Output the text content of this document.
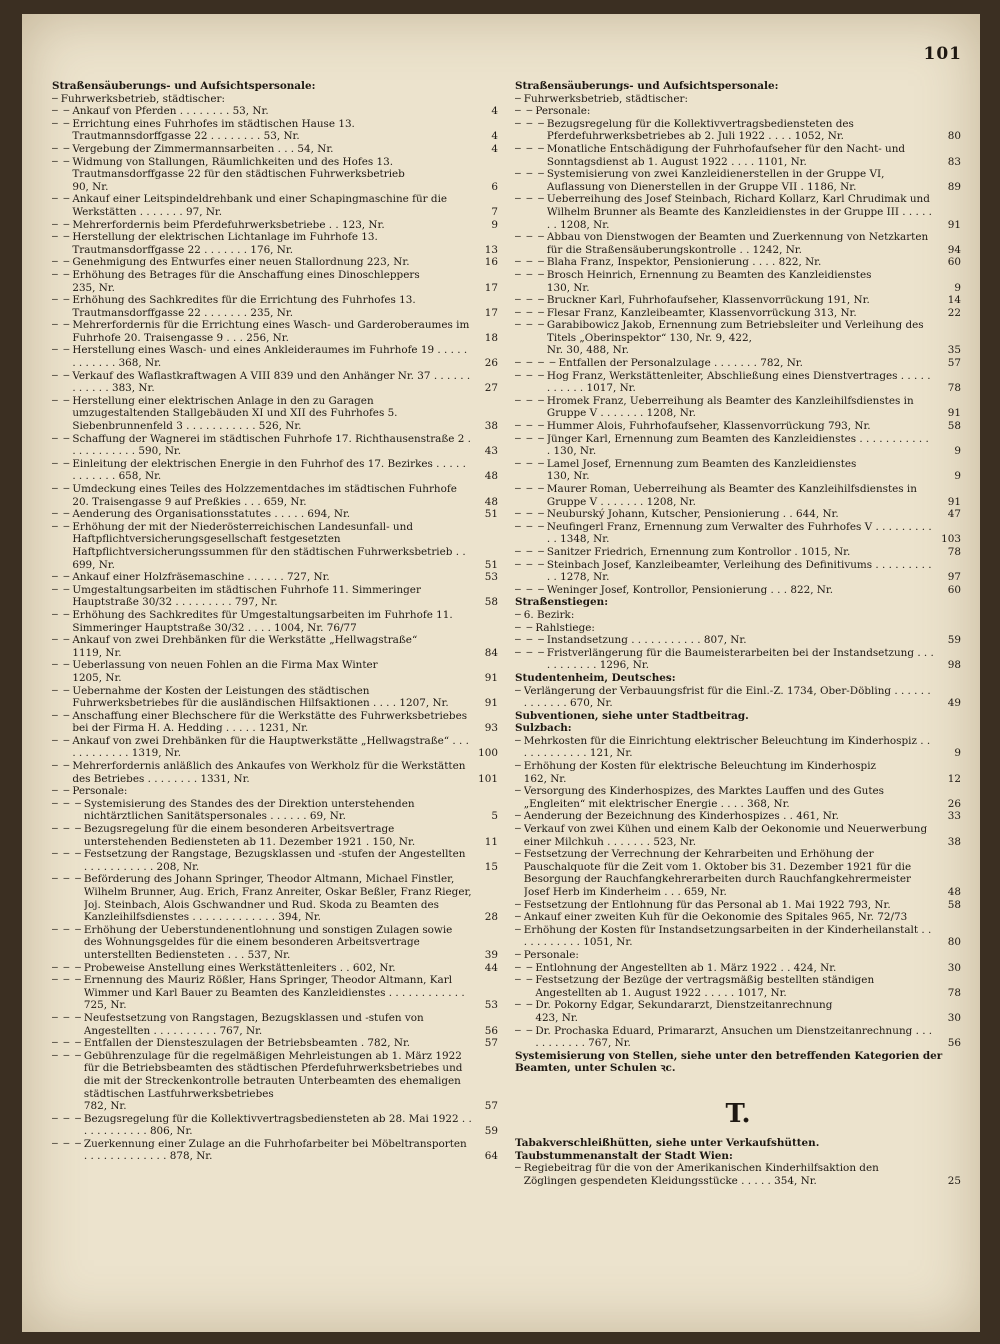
101
Straßensäuberungs- und Aufsichtspersonale:
— Fuhrwerksbetrieb, städtischer:
— — Ankauf von Pferden . . . . . . . . 53, Nr.	4
— — Errichtung eines Fuhrhofes im städtischen Hause 13. Trautmannsdorffgasse 22 . . . . . . . . 53, Nr.	4
— — Vergebung der Zimmermannsarbeiten . . . 54, Nr.	4
— — Widmung von Stallungen, Räumlichkeiten und des Hofes 13. Trautmansdorffgasse 22 für den städtischen Fuhrwerksbetrieb
90, Nr.	6
— — Ankauf einer Leitspindeldrehbank und einer Schapingmaschine für die Werkstätten . . . . . . . 97, Nr.	7
— — Mehrerfordernis beim Pferdefuhrwerksbetriebe . . 123, Nr.	9
— — Herstellung der elektrischen Lichtanlage im Fuhrhofe 13. Trautmansdorffgasse 22 . . . . . . . 176, Nr.	13
— — Genehmigung des Entwurfes einer neuen Stallordnung 223, Nr.	16
— — Erhöhung des Betrages für die Anschaffung eines Dinoschleppers
235, Nr.	17
— — Erhöhung des Sachkredites für die Errichtung des Fuhrhofes 13. Trautmansdorffgasse 22 . . . . . . . 235, Nr.	17
— — Mehrerfordernis für die Errichtung eines Wasch- und Garderoberaumes im Fuhrhofe 20. Traisengasse 9 . . . 256, Nr.	18
— — Herstellung eines Wasch- und eines Ankleideraumes im Fuhrhofe 19 . . . . . . . . . . . . 368, Nr.	26
— — Verkauf des Waflastkraftwagen A VIII 839 und den Anhänger Nr. 37 . . . . . . . . . . . . 383, Nr.	27
— — Herstellung einer elektrischen Anlage in den zu Garagen umzugestaltenden Stallgebäuden XI und XII des Fuhrhofes 5. Siebenbrunnenfeld 3 . . . . . . . . . . . 526, Nr.	38
— — Schaffung der Wagnerei im städtischen Fuhrhofe 17. Richthausenstraße 2 . . . . . . . . . . . 590, Nr.	43
— — Einleitung der elektrischen Energie in den Fuhrhof des 17. Bezirkes . . . . . . . . . . . . 658, Nr.	48
— — Umdeckung eines Teiles des Holzzementdaches im städtischen Fuhrhofe 20. Traisengasse 9 auf Preßkies . . . 659, Nr.	48
— — Aenderung des Organisationsstatutes . . . . . 694, Nr.	51
— — Erhöhung der mit der Niederösterreichischen Landesunfall- und Haftpflichtversicherungsgesellschaft festgesetzten Haftpflichtversicherungssummen für den städtischen Fuhrwerksbetrieb . . 699, Nr.	51
— — Ankauf einer Holzfräsemaschine . . . . . . 727, Nr.	53
— — Umgestaltungsarbeiten im städtischen Fuhrhofe 11. Simmeringer Hauptstraße 30/32 . . . . . . . . . 797, Nr.	58
— — Erhöhung des Sachkredites für Umgestaltungsarbeiten im Fuhrhofe 11. Simmeringer Hauptstraße 30/32 . . . . 1004, Nr. 76/77
— — Ankauf von zwei Drehbänken für die Werkstätte „Hellwagstraße“
1119, Nr.	84
— — Ueberlassung von neuen Fohlen an die Firma Max Winter
1205, Nr.	91
— — Uebernahme der Kosten der Leistungen des städtischen Fuhrwerksbetriebes für die ausländischen Hilfsaktionen . . . . 1207, Nr.	91
— — Anschaffung einer Blechschere für die Werkstätte des Fuhrwerksbetriebes bei der Firma H. A. Hedding . . . . . 1231, Nr.	93
— — Ankauf von zwei Drehbänken für die Hauptwerkstätte „Hellwagstraße“ . . . . . . . . . . . . 1319, Nr.	100
— — Mehrerfordernis anläßlich des Ankaufes von Werkholz für die Werkstätten des Betriebes . . . . . . . . 1331, Nr.	101
— — Personale:
— — — Systemisierung des Standes des der Direktion unterstehenden nichtärztlichen Sanitätspersonales . . . . . . 69, Nr.	5
— — — Bezugsregelung für die einem besonderen Arbeitsvertrage unterstehenden Bediensteten ab 11. Dezember 1921 . 150, Nr.	11
— — — Festsetzung der Rangstage, Bezugsklassen und -stufen der Angestellten . . . . . . . . . . . 208, Nr.	15
— — — Beförderung des Johann Springer, Theodor Altmann, Michael Finstler, Wilhelm Brunner, Aug. Erich, Franz Anreiter, Oskar Beßler, Franz Rieger, Joj. Steinbach, Alois Gschwandner und Rud. Skoda zu Beamten des Kanzleihilfsdienstes . . . . . . . . . . . . . 394, Nr.	28
— — — Erhöhung der Ueberstundenentlohnung und sonstigen Zulagen sowie des Wohnungsgeldes für die einem besonderen Arbeitsvertrage unterstellten Bediensteten . . . 537, Nr.	39
— — — Probeweise Anstellung eines Werkstättenleiters . . 602, Nr.	44
— — — Ernennung des Mauriz Rößler, Hans Springer, Theodor Altmann, Karl Wimmer und Karl Bauer zu Beamten des Kanzleidienstes . . . . . . . . . . . . 725, Nr.	53
— — — Neufestsetzung von Rangstagen, Bezugsklassen und -stufen von Angestellten . . . . . . . . . . 767, Nr.	56
— — — Entfallen der Diensteszulagen der Betriebsbeamten . 782, Nr.	57
— — — Gebührenzulage für die regelmäßigen Mehrleistungen ab 1. März 1922 für die Betriebsbeamten des städtischen Pferdefuhrwerksbetriebes und die mit der Streckenkontrolle betrauten Unterbeamten des ehemaligen städtischen Lastfuhrwerksbetriebes
782, Nr.	57
— — — Bezugsregelung für die Kollektivvertragsbediensteten ab 28. Mai 1922 . . . . . . . . . . . . 806, Nr.	59
— — — Zuerkennung einer Zulage an die Fuhrhofarbeiter bei Möbeltransporten . . . . . . . . . . . . . 878, Nr.	64
Straßensäuberungs- und Aufsichtspersonale:
— Fuhrwerksbetrieb, städtischer:
— — Personale:
— — — Bezugsregelung für die Kollektivvertragsbediensteten des Pferdefuhrwerksbetriebes ab 2. Juli 1922 . . . . 1052, Nr.	80
— — — Monatliche Entschädigung der Fuhrhofaufseher für den Nacht- und Sonntagsdienst ab 1. August 1922 . . . . 1101, Nr.	83
— — — Systemisierung von zwei Kanzleidienerstellen in der Gruppe VI, Auflassung von Dienerstellen in der Gruppe VII . 1186, Nr.	89
— — — Ueberreihung des Josef Steinbach, Richard Kollarz, Karl Chrudimak und Wilhelm Brunner als Beamte des Kanzleidienstes in der Gruppe III . . . . . . . 1208, Nr.	91
— — — Abbau von Dienstwogen der Beamten und Zuerkennung von Netzkarten für die Straßensäuberungskontrolle . . 1242, Nr.	94
— — — Blaha Franz, Inspektor, Pensionierung . . . . 822, Nr.	60
— — — Brosch Heinrich, Ernennung zu Beamten des Kanzleidienstes
130, Nr.	9
— — — Bruckner Karl, Fuhrhofaufseher, Klassenvorrückung 191, Nr.	14
— — — Flesar Franz, Kanzleibeamter, Klassenvorrückung 313, Nr.	22
— — — Garabibowicz Jakob, Ernennung zum Betriebsleiter und Verleihung des Titels „Oberinspektor“ 130, Nr. 9, 422,
Nr. 30, 488, Nr.	35
— — — — Entfallen der Personalzulage . . . . . . . 782, Nr.	57
— — — Hog Franz, Werkstättenleiter, Abschließung eines Dienstvertrages . . . . . . . . . . . 1017, Nr.	78
— — — Hromek Franz, Ueberreihung als Beamter des Kanzleihilfsdienstes in Gruppe V . . . . . . . 1208, Nr.	91
— — — Hummer Alois, Fuhrhofaufseher, Klassenvorrückung 793, Nr.	58
— — — Jünger Karl, Ernennung zum Beamten des Kanzleidienstes . . . . . . . . . . . . 130, Nr.	9
— — — Lamel Josef, Ernennung zum Beamten des Kanzleidienstes
130, Nr.	9
— — — Maurer Roman, Ueberreihung als Beamter des Kanzleihilfsdienstes in Gruppe V . . . . . . . 1208, Nr.	91
— — — Neuburský Johann, Kutscher, Pensionierung . . 644, Nr.	47
— — — Neufingerl Franz, Ernennung zum Verwalter des Fuhrhofes V . . . . . . . . . . . 1348, Nr.	103
— — — Sanitzer Friedrich, Ernennung zum Kontrollor . 1015, Nr.	78
— — — Steinbach Josef, Kanzleibeamter, Verleihung des Definitivums . . . . . . . . . . . 1278, Nr.	97
— — — Weninger Josef, Kontrollor, Pensionierung . . . 822, Nr.	60
Straßenstiegen:
— 6. Bezirk:
— — Rahlstiege:
— — — Instandsetzung . . . . . . . . . . . 807, Nr.	59
— — — Fristverlängerung für die Baumeisterarbeiten bei der Instandsetzung . . . . . . . . . . . 1296, Nr.	98
Studentenheim, Deutsches:
— Verlängerung der Verbauungsfrist für die Einl.-Z. 1734, Ober-Döbling . . . . . . . . . . . . . 670, Nr.	49
Subventionen, siehe unter Stadtbeitrag.
Sulzbach:
— Mehrkosten für die Einrichtung elektrischer Beleuchtung im Kinderhospiz . . . . . . . . . . . . 121, Nr.	9
— Erhöhung der Kosten für elektrische Beleuchtung im Kinderhospiz
162, Nr.	12
— Versorgung des Kinderhospizes, des Marktes Lauffen und des Gutes „Engleiten“ mit elektrischer Energie . . . . 368, Nr.	26
— Aenderung der Bezeichnung des Kinderhospizes . . 461, Nr.	33
— Verkauf von zwei Kühen und einem Kalb der Oekonomie und Neuerwerbung einer Milchkuh . . . . . . . 523, Nr.	38
— Festsetzung der Verrechnung der Kehrarbeiten und Erhöhung der Pauschalquote für die Zeit vom 1. Oktober bis 31. Dezember 1921 für die Besorgung der Rauchfangkehrerarbeiten durch Rauchfangkehrermeister Josef Herb im Kinderheim . . . 659, Nr.	48
— Festsetzung der Entlohnung für das Personal ab 1. Mai 1922 793, Nr.	58
— Ankauf einer zweiten Kuh für die Oekonomie des Spitales 965, Nr. 72/73
— Erhöhung der Kosten für Instandsetzungsarbeiten in der Kinderheilanstalt . . . . . . . . . . . 1051, Nr.	80
— Personale:
— — Entlohnung der Angestellten ab 1. März 1922 . . 424, Nr.	30
— — Festsetzung der Bezüge der vertragsmäßig bestellten ständigen Angestellten ab 1. August 1922 . . . . . 1017, Nr.	78
— — Dr. Pokorny Edgar, Sekundararzt, Dienstzeitanrechnung
423, Nr.	30
— — Dr. Prochaska Eduard, Primararzt, Ansuchen um Dienstzeitanrechnung . . . . . . . . . . . 767, Nr.	56
Systemisierung von Stellen, siehe unter den betreffenden Kategorien der Beamten, unter Schulen ꝛc.
T.
Tabakverschleißhütten, siehe unter Verkaufshütten.
Taubstummenanstalt der Stadt Wien:
— Regiebeitrag für die von der Amerikanischen Kinderhilfsaktion den Zöglingen gespendeten Kleidungsstücke . . . . . 354, Nr.	25
